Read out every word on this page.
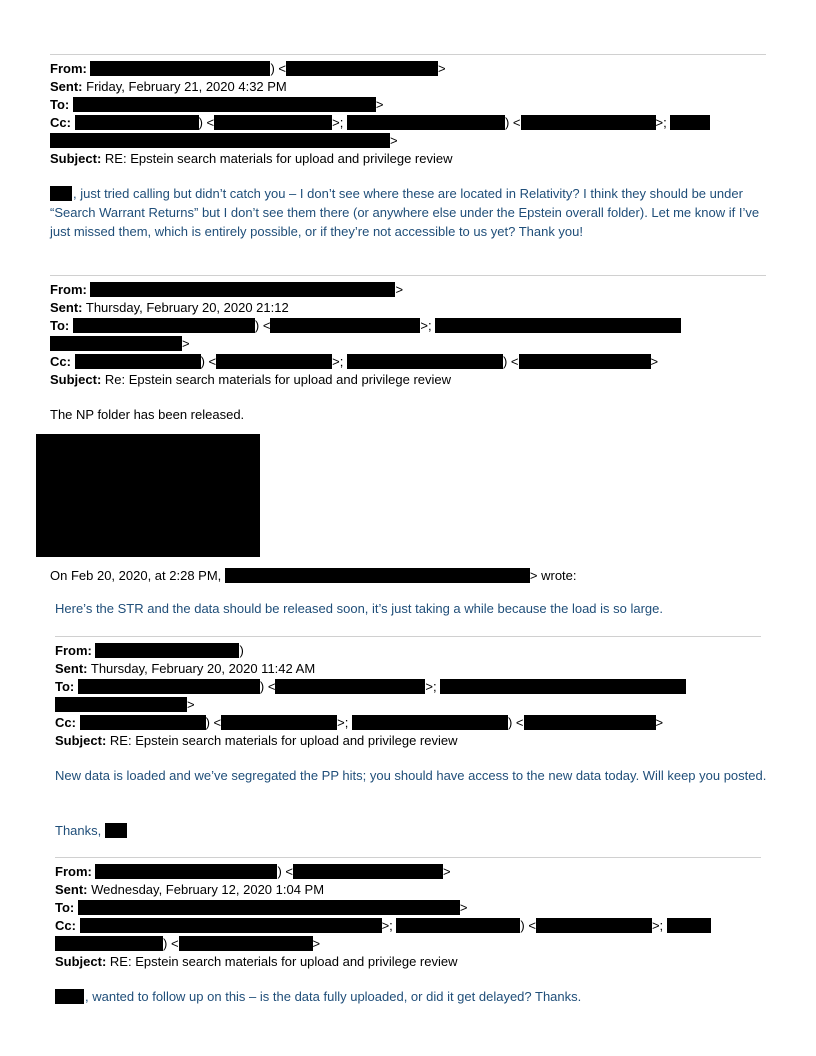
From:	) <	>
Sent: Friday, February 21, 2020 4:32 PM
To:	>
Cc:	) <	>;	) <	>;
>
Subject: RE: Epstein search materials for upload and privilege review
, just tried calling but didn’t catch you – I don’t see where these are located in Relativity? I think they should be under “Search Warrant Returns” but I don’t see them there (or anywhere else under the Epstein overall folder). Let me know if I’ve just missed them, which is entirely possible, or if they’re not accessible to us yet? Thank you!
From:	>
Sent: Thursday, February 20, 2020 21:12
To:	) <	>;
>
Cc:	) <	>;	) <	>
Subject: Re: Epstein search materials for upload and privilege review
The NP folder has been released.
On Feb 20, 2020, at 2:28 PM,	> wrote:
Here’s the STR and the data should be released soon, it’s just taking a while because the load is so large.
From:	)
Sent: Thursday, February 20, 2020 11:42 AM
To:	) <	>;
>
Cc:	) <	>;	) <	>
Subject: RE: Epstein search materials for upload and privilege review
New data is loaded and we’ve segregated the PP hits; you should have access to the new data today. Will keep you posted.
Thanks,
From:	) <	>
Sent: Wednesday, February 12, 2020 1:04 PM
To:	>
Cc:	>;	) <	>;
) <	>
Subject: RE: Epstein search materials for upload and privilege review
, wanted to follow up on this – is the data fully uploaded, or did it get delayed? Thanks.
